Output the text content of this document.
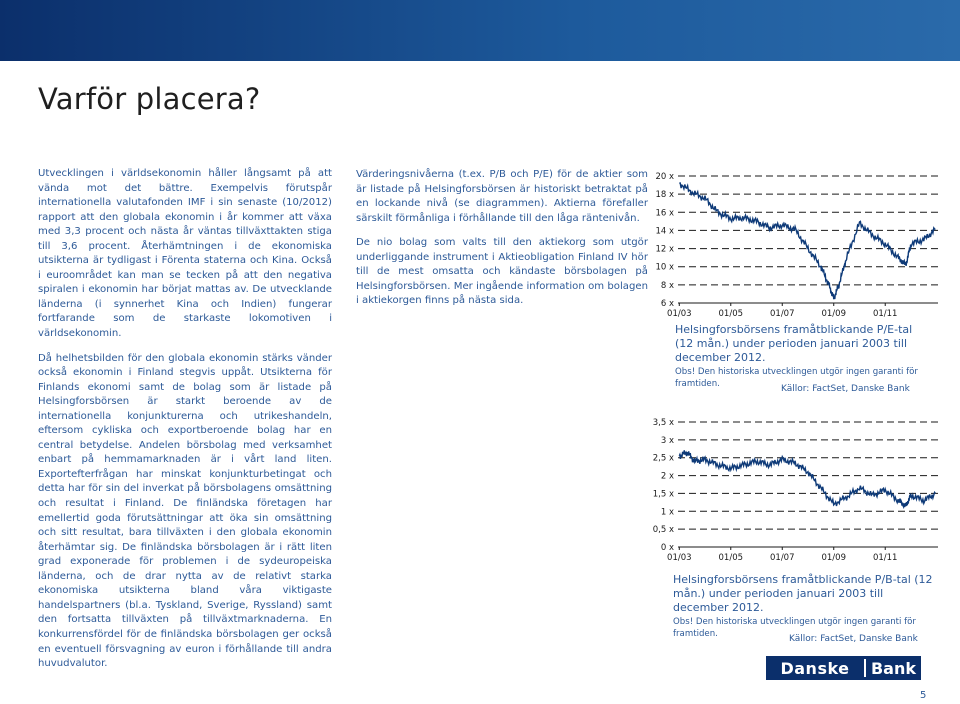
Varför placera?

Utvecklingen i världsekonomin håller långsamt på att vända mot det bättre. Exempelvis förutspår internationella valutafonden IMF i sin senaste (10/2012) rapport att den globala ekonomin i år kommer att växa med 3,3 procent och nästa år väntas tillväxttakten stiga till 3,6 procent. Återhämtningen i de ekonomiska utsikterna är tydligast i Förenta staterna och Kina. Också i euroområdet kan man se tecken på att den negativa spiralen i ekonomin har börjat mattas av. De utvecklande länderna (i synnerhet Kina och Indien) fungerar fortfarande som de starkaste lokomotiven i världsekonomin.

Då helhetsbilden för den globala ekonomin stärks vänder också ekonomin i Finland stegvis uppåt. Utsikterna för Finlands ekonomi samt de bolag som är listade på Helsingforsbörsen är starkt beroende av de internationella konjunkturerna och utrikeshandeln, eftersom cykliska och exportberoende bolag har en central betydelse. Andelen börsbolag med verksamhet enbart på hemmamarknaden är i vårt land liten. Exportefterfrågan har minskat konjunkturbetingat och detta har för sin del inverkat på börsbolagens omsättning och resultat i Finland. De finländska företagen har emellertid goda förutsättningar att öka sin omsättning och sitt resultat, bara tillväxten i den globala ekonomin återhämtar sig. De finländska börsbolagen är i rätt liten grad exponerade för problemen i de sydeuropeiska länderna, och de drar nytta av de relativt starka ekonomiska utsikterna bland våra viktigaste handelspartners (bl.a. Tyskland, Sverige, Ryssland) samt den fortsatta tillväxten på tillväxtmarknaderna. En konkurrensfördel för de finländska börsbolagen ger också en eventuell försvagning av euron i förhållande till andra huvudvalutor.

Värderingsnivåerna (t.ex. P/B och P/E) för de aktier som är listade på Helsingforsbörsen är historiskt betraktat på en lockande nivå (se diagrammen). Aktierna förefaller särskilt förmånliga i förhållande till den låga räntenivån.

De nio bolag som valts till den aktiekorg som utgör underliggande instrument i Aktieobligation Finland IV hör till de mest omsatta och kändaste börsbolagen på Helsingforsbörsen. Mer ingående information om bolagen i aktiekorgen finns på nästa sida.	6 x
8 x
10 x
12 x
14 x
16 x
18 x
20 x
01/03	01/05	01/07	01/09	01/11
Helsingforsbörsens framåtblickande P/E-tal (12 mån.) under perioden januari 2003 till december 2012.
Obs! Den historiska utvecklingen utgör ingen garanti för framtiden.	Källor: FactSet, Danske Bank
0 x
0,5 x
1 x
1,5 x
2 x
2,5 x
3 x
3,5 x
01/03	01/05	01/07	01/09	01/11
Helsingforsbörsens framåtblickande P/B-tal (12 mån.) under perioden januari 2003 till december 2012.
Obs! Den historiska utvecklingen utgör ingen garanti för framtiden.	Källor: FactSet, Danske Bank
Danske	Bank
5
